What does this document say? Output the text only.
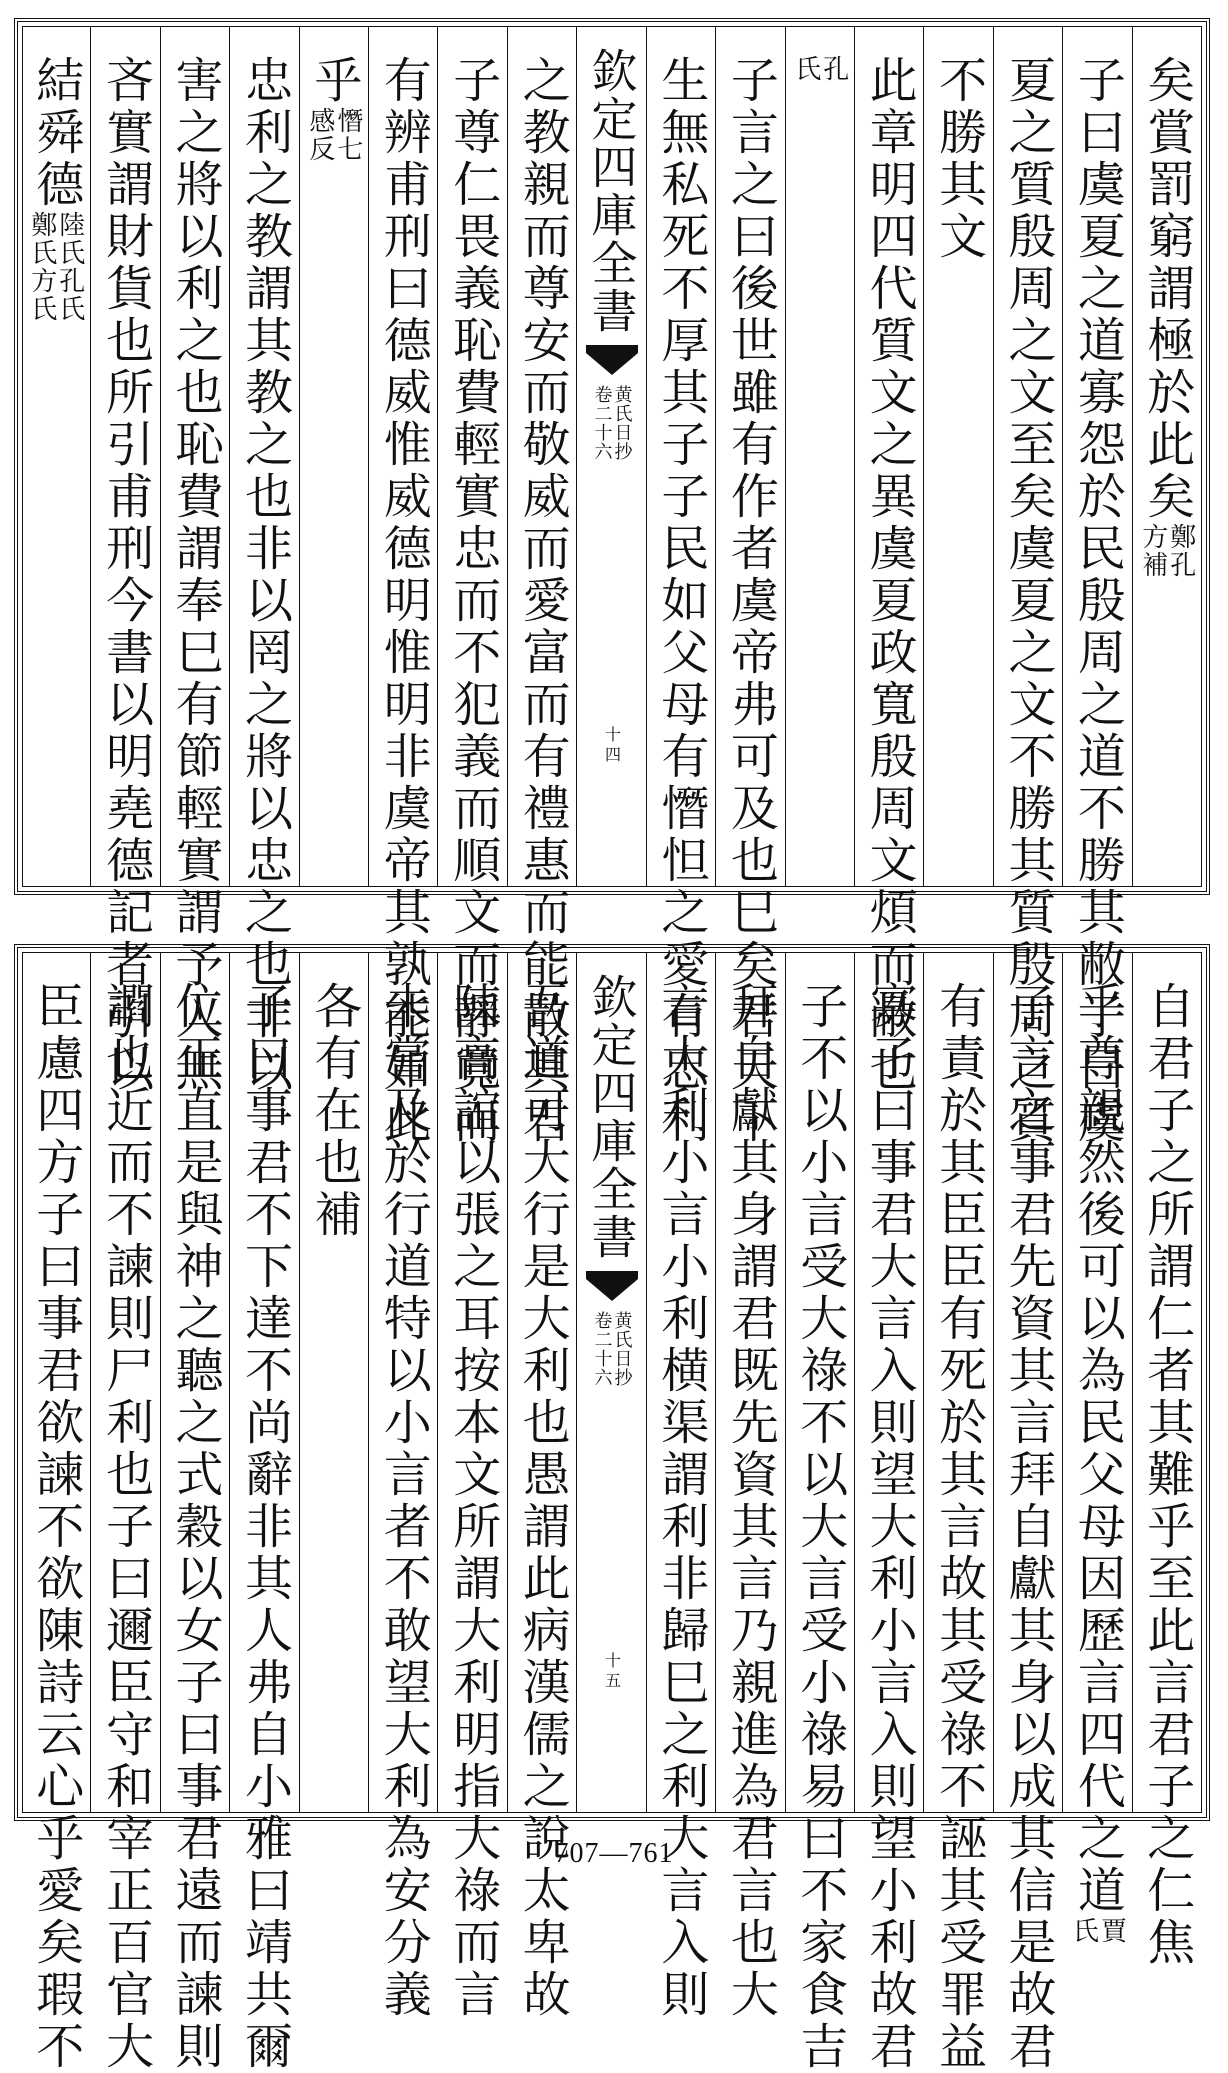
矣賞罰窮謂極於此矣
鄭孔
方補
子曰虞夏之道寡怨於民殷周之道不勝其敝子曰虞
夏之質殷周之文至矣虞夏之文不勝其質殷周之質
不勝其文
此章明四代質文之異虞夏政寬殷周文煩而敝也
孔
氏
子言之曰後世雖有作者虞帝弗可及也巳矣君天下
生無私死不厚其子子民如父母有憯怛之愛有忠利
欽定四庫全書
黄氏日抄
卷二十六
十四
之教親而尊安而敬威而愛富而有禮惠而能散其君
子尊仁畏義恥費輕實忠而不犯義而順文而靜寬而
有辨甫刑曰德威惟威德明惟明非虞帝其孰能如此
乎
憯七
感反
忠利之教謂其教之也非以罔之將以忠之也非以
害之將以利之也恥費謂奉巳有節輕實謂予人無
吝實謂財貨也所引甫刑今書以明堯德記者引以
結舜德
陸氏孔氏
鄭氏方氏
自君子之所謂仁者其難乎至此言君子之仁焦
乎尊親然後可以為民父母因歷言四代之道
賈
氏
子言之事君先資其言拜自獻其身以成其信是故君
有責於其臣臣有死於其言故其受祿不誣其受罪益
寡子曰事君大言入則望大利小言入則望小利故君
子不以小言受大祿不以大言受小祿易曰不家食吉
拜自獻其身謂君既先資其言乃親進為君言也大
言大利小言小利横渠謂利非歸巳之利大言入則
欽定四庫全書
黄氏日抄
卷二十六
十五
吾道可大行是大利也愚謂此病漢儒之說太卑故
陳高誼以張之耳按本文所謂大利明指大祿而言
未嘗及於行道特以小言者不敢望大利為安分義
各有在也補
子曰事君不下達不尚辭非其人弗自小雅曰靖共爾
位正直是與神之聽之式穀以女子曰事君遠而諫則
讇也近而不諫則尸利也子曰邇臣守和宰正百官大
臣慮四方子曰事君欲諫不欲陳詩云心乎愛矣瑕不	707—761
